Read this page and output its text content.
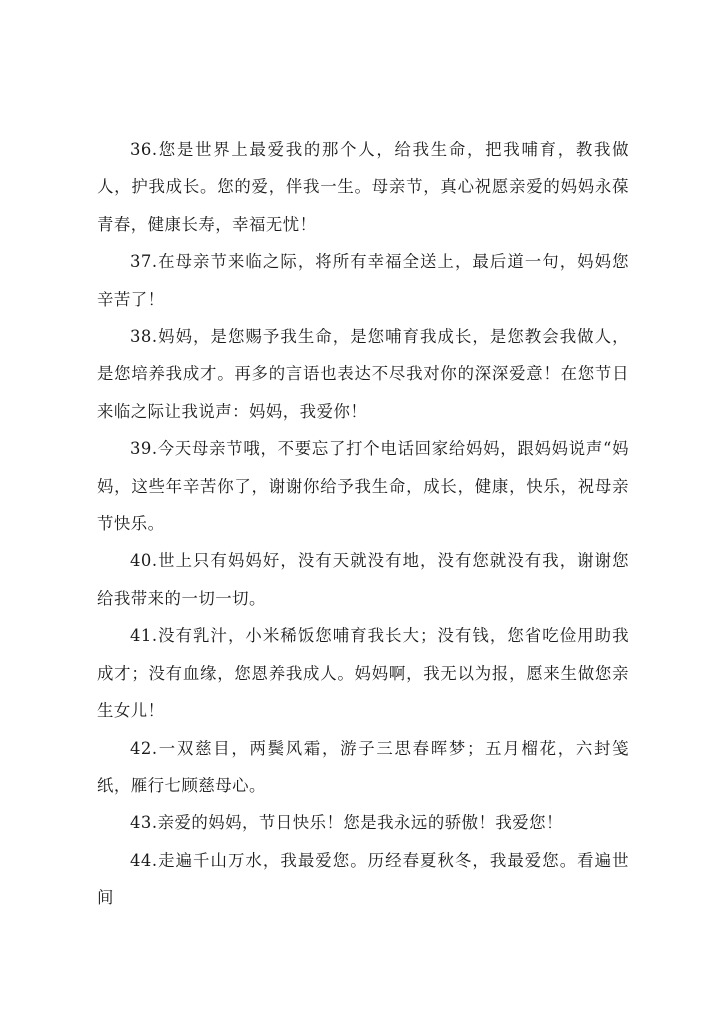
36.您是世界上最爱我的那个人，给我生命，把我哺育，教我做人，护我成长。您的爱，伴我一生。母亲节，真心祝愿亲爱的妈妈永葆青春，健康长寿，幸福无忧！

37.在母亲节来临之际，将所有幸福全送上，最后道一句，妈妈您辛苦了！

38.妈妈，是您赐予我生命，是您哺育我成长，是您教会我做人，是您培养我成才。再多的言语也表达不尽我对你的深深爱意！在您节日来临之际让我说声：妈妈，我爱你！

39.今天母亲节哦，不要忘了打个电话回家给妈妈，跟妈妈说声“妈妈，这些年辛苦你了，谢谢你给予我生命，成长，健康，快乐，祝母亲节快乐。

40.世上只有妈妈好，没有天就没有地，没有您就没有我，谢谢您给我带来的一切一切。

41.没有乳汁，小米稀饭您哺育我长大；没有钱，您省吃俭用助我成才；没有血缘，您恩养我成人。妈妈啊，我无以为报，愿来生做您亲生女儿！

42.一双慈目，两鬓风霜，游子三思春晖梦；五月榴花，六封笺纸，雁行七顾慈母心。

43.亲爱的妈妈，节日快乐！您是我永远的骄傲！我爱您！

44.走遍千山万水，我最爱您。历经春夏秋冬，我最爱您。看遍世间
